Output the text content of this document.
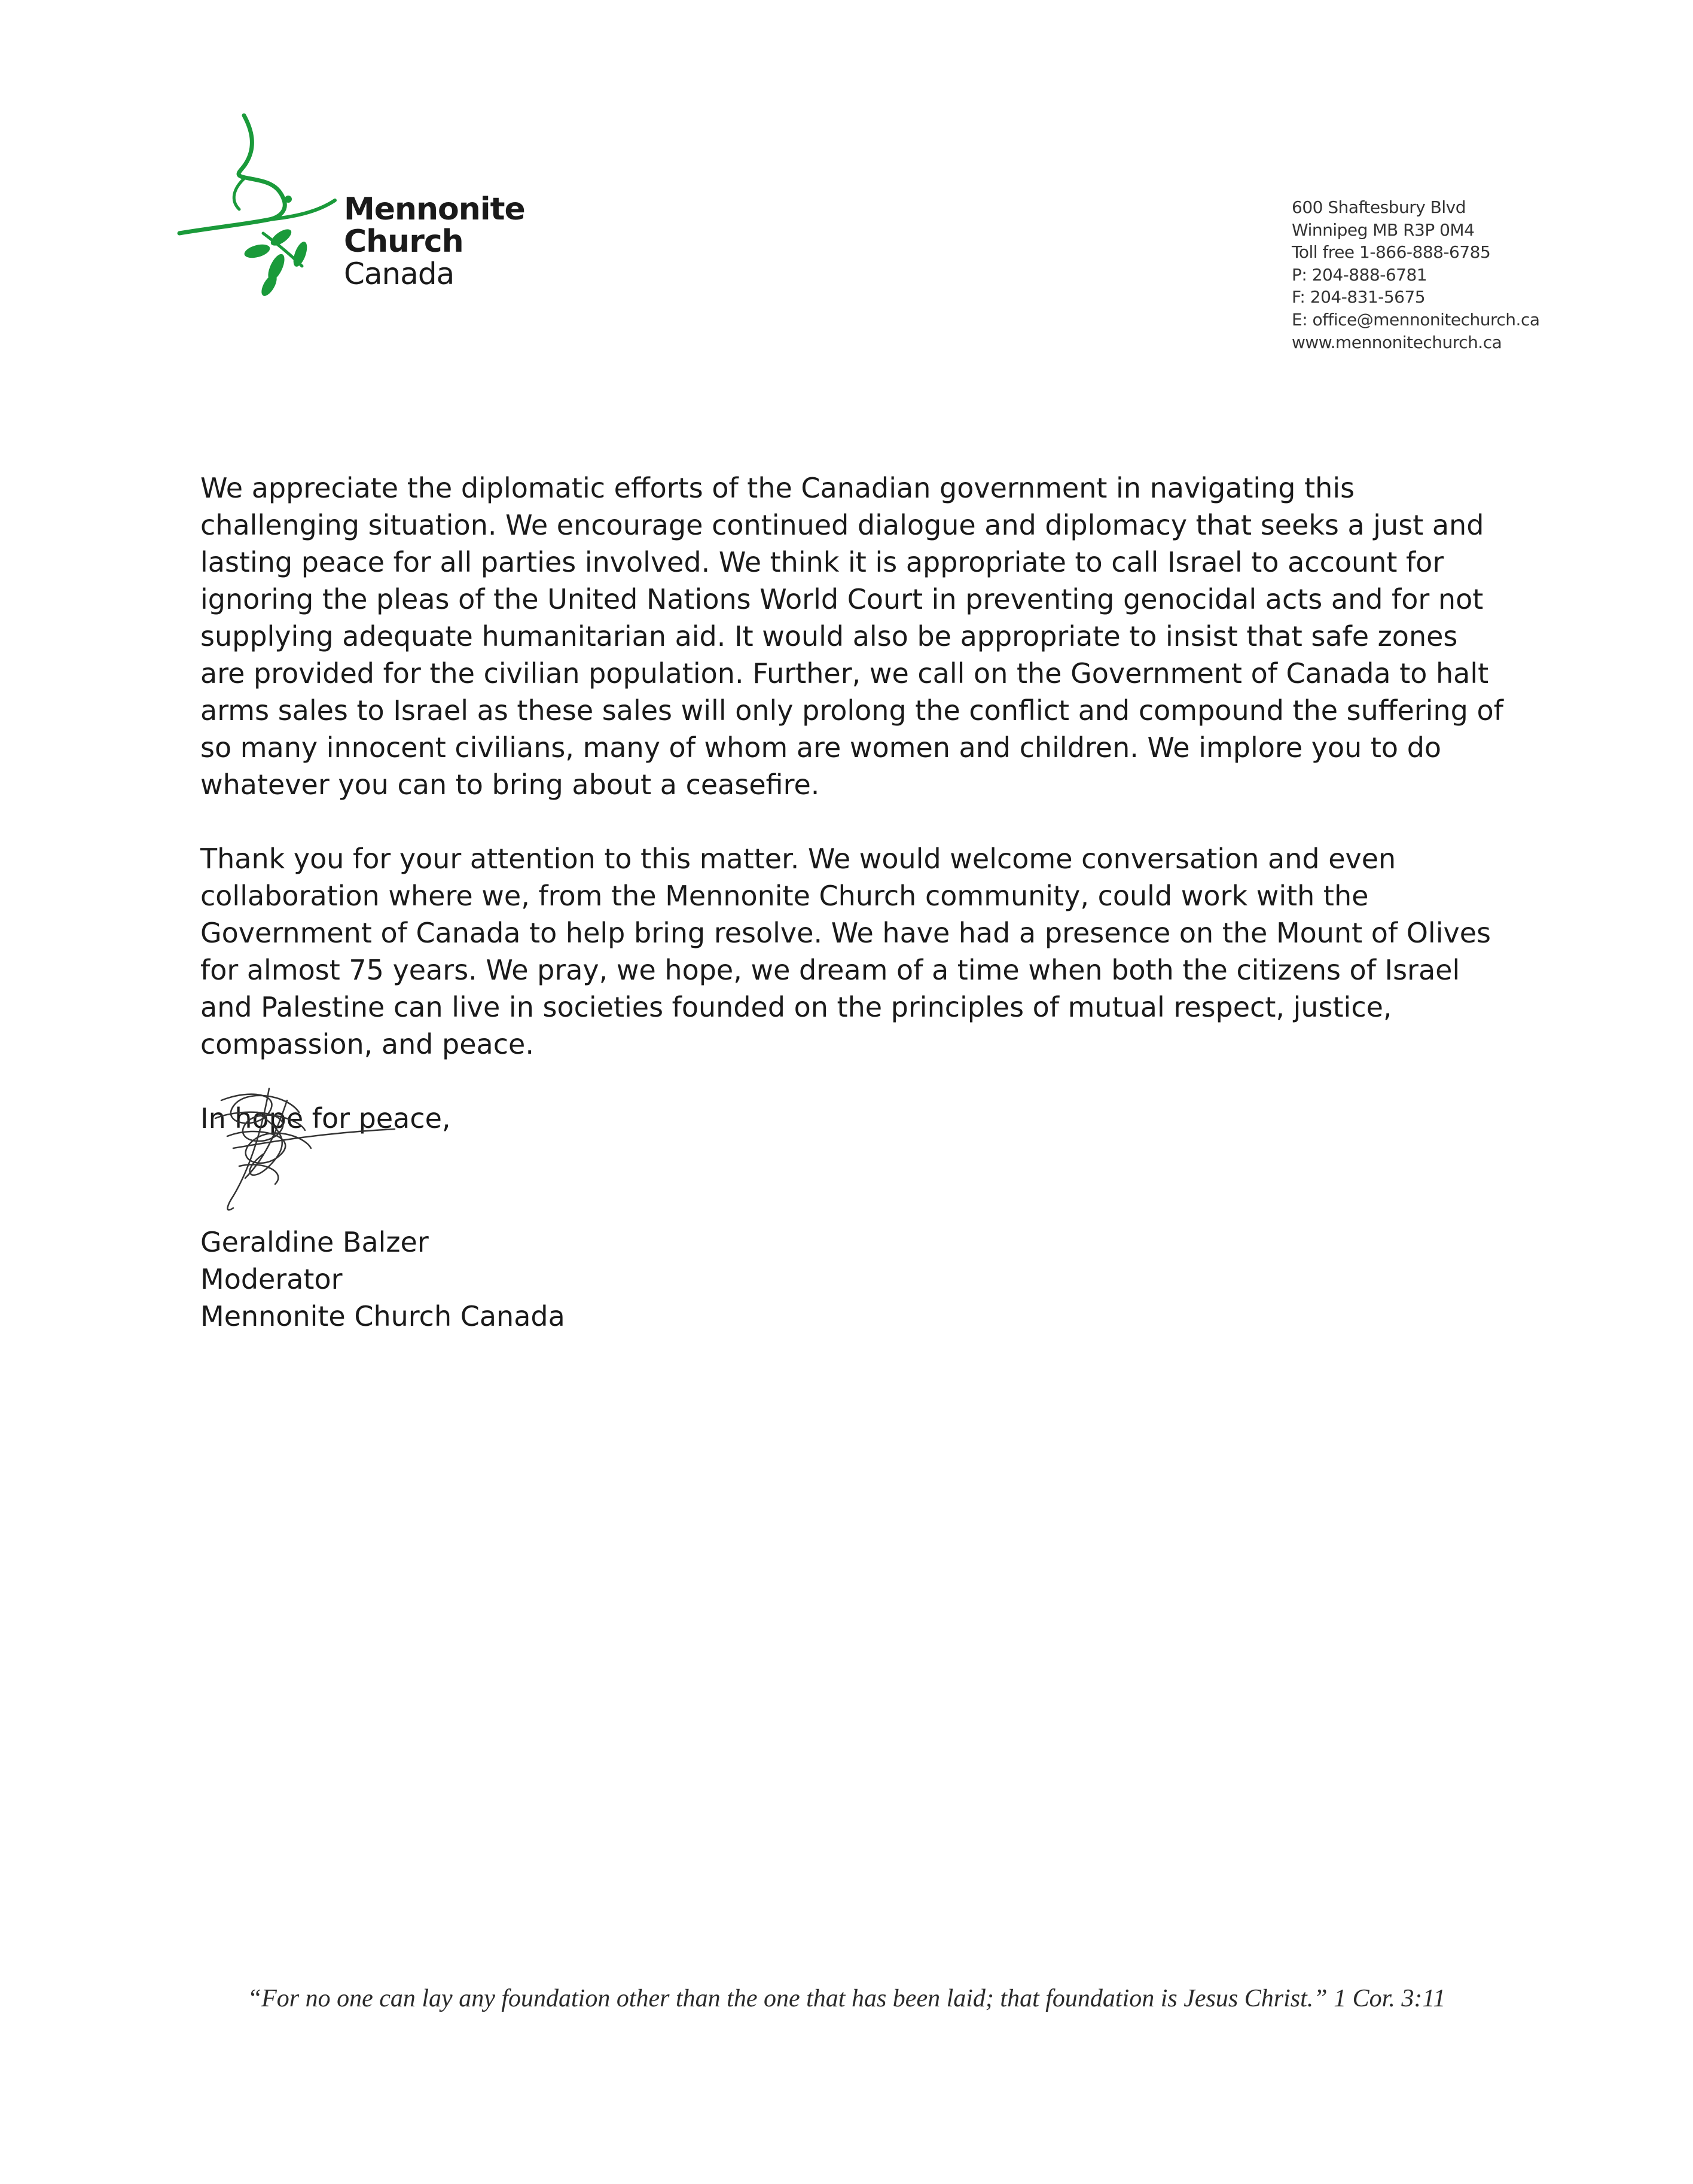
Mennonite
Church
Canada
600 Shaftesbury Blvd
Winnipeg MB R3P 0M4
Toll free 1-866-888-6785
P: 204-888-6781
F: 204-831-5675
E: office@mennonitechurch.ca
www.mennonitechurch.ca

We appreciate the diplomatic efforts of the Canadian government in navigating this challenging situation. We encourage continued dialogue and diplomacy that seeks a just and lasting peace for all parties involved. We think it is appropriate to call Israel to account for ignoring the pleas of the United Nations World Court in preventing genocidal acts and for not supplying adequate humanitarian aid. It would also be appropriate to insist that safe zones are provided for the civilian population. Further, we call on the Government of Canada to halt arms sales to Israel as these sales will only prolong the conflict and compound the suffering of so many innocent civilians, many of whom are women and children. We implore you to do whatever you can to bring about a ceasefire.

Thank you for your attention to this matter. We would welcome conversation and even collaboration where we, from the Mennonite Church community, could work with the Government of Canada to help bring resolve. We have had a presence on the Mount of Olives for almost 75 years. We pray, we hope, we dream of a time when both the citizens of Israel and Palestine can live in societies founded on the principles of mutual respect, justice, compassion, and peace.

In hope for peace,

Geraldine Balzer
Moderator
Mennonite Church Canada
“For no one can lay any foundation other than the one that has been laid; that foundation is Jesus Christ.” 1 Cor. 3:11
